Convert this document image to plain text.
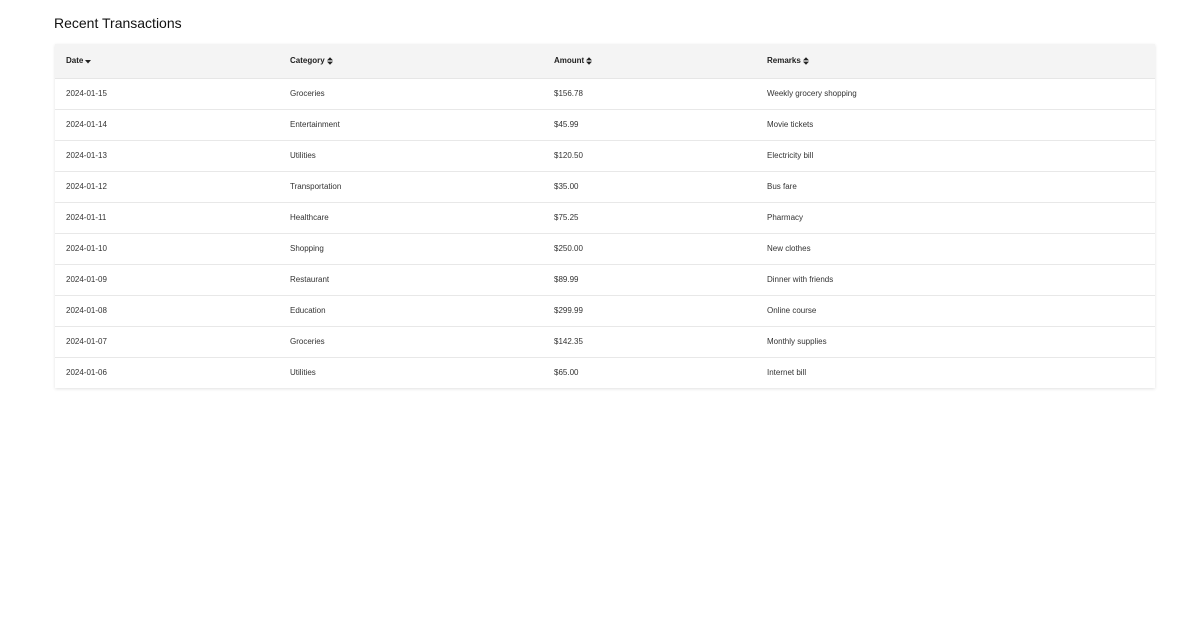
Recent Transactions
Date	Category	Amount	Remarks
2024-01-15	Groceries	$156.78	Weekly grocery shopping
2024-01-14	Entertainment	$45.99	Movie tickets
2024-01-13	Utilities	$120.50	Electricity bill
2024-01-12	Transportation	$35.00	Bus fare
2024-01-11	Healthcare	$75.25	Pharmacy
2024-01-10	Shopping	$250.00	New clothes
2024-01-09	Restaurant	$89.99	Dinner with friends
2024-01-08	Education	$299.99	Online course
2024-01-07	Groceries	$142.35	Monthly supplies
2024-01-06	Utilities	$65.00	Internet bill
